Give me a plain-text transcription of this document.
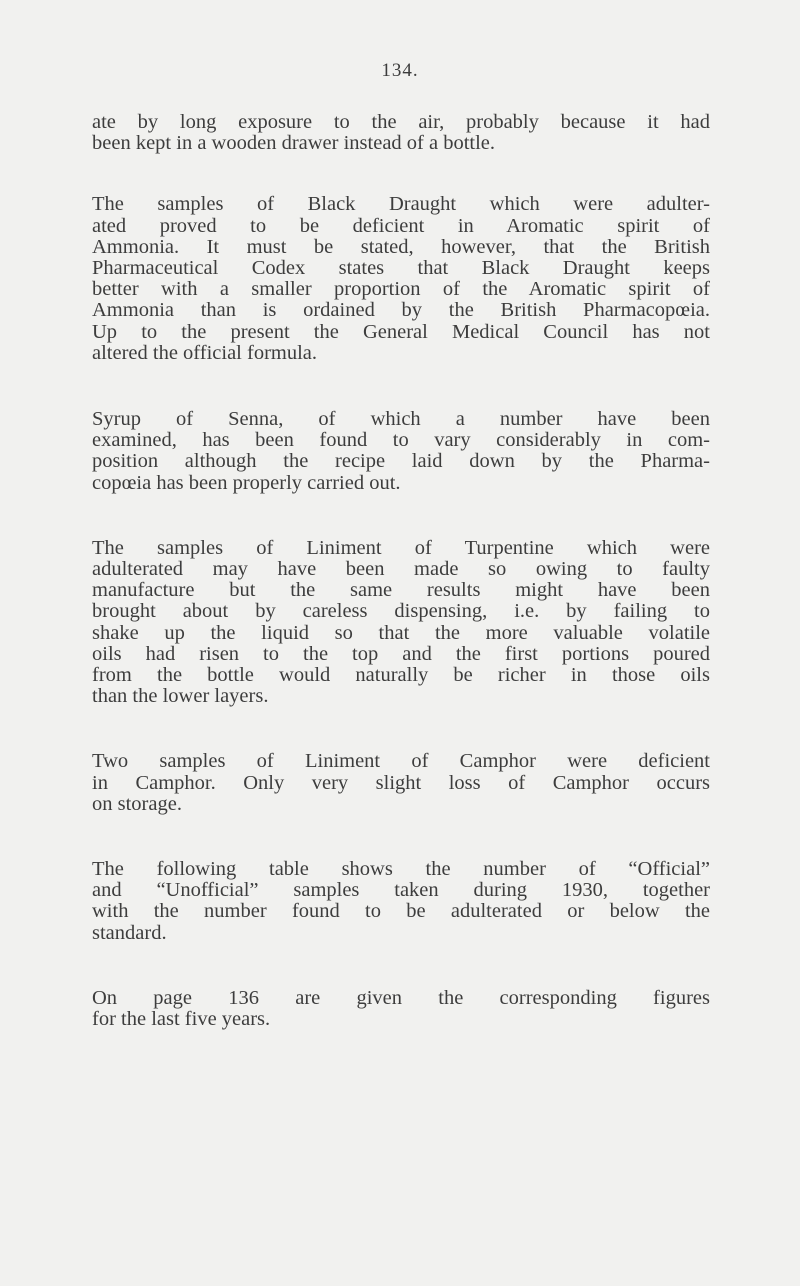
134.

ate by long exposure to the air, probably because it had
been kept in a wooden drawer instead of a bottle.

The samples of Black Draught which were adulter-
ated proved to be deficient in Aromatic spirit of
Ammonia. It must be stated, however, that the British
Pharmaceutical Codex states that Black Draught keeps
better with a smaller proportion of the Aromatic spirit of
Ammonia than is ordained by the British Pharmacopœia.
Up to the present the General Medical Council has not
altered the official formula.

Syrup of Senna, of which a number have been
examined, has been found to vary considerably in com-
position although the recipe laid down by the Pharma-
copœia has been properly carried out.

The samples of Liniment of Turpentine which were
adulterated may have been made so owing to faulty
manufacture but the same results might have been
brought about by careless dispensing, i.e. by failing to
shake up the liquid so that the more valuable volatile
oils had risen to the top and the first portions poured
from the bottle would naturally be richer in those oils
than the lower layers.

Two samples of Liniment of Camphor were deficient
in Camphor. Only very slight loss of Camphor occurs
on storage.

The following table shows the number of “Official”
and “Unofficial” samples taken during 1930, together
with the number found to be adulterated or below the
standard.

On page 136 are given the corresponding figures
for the last five years.
